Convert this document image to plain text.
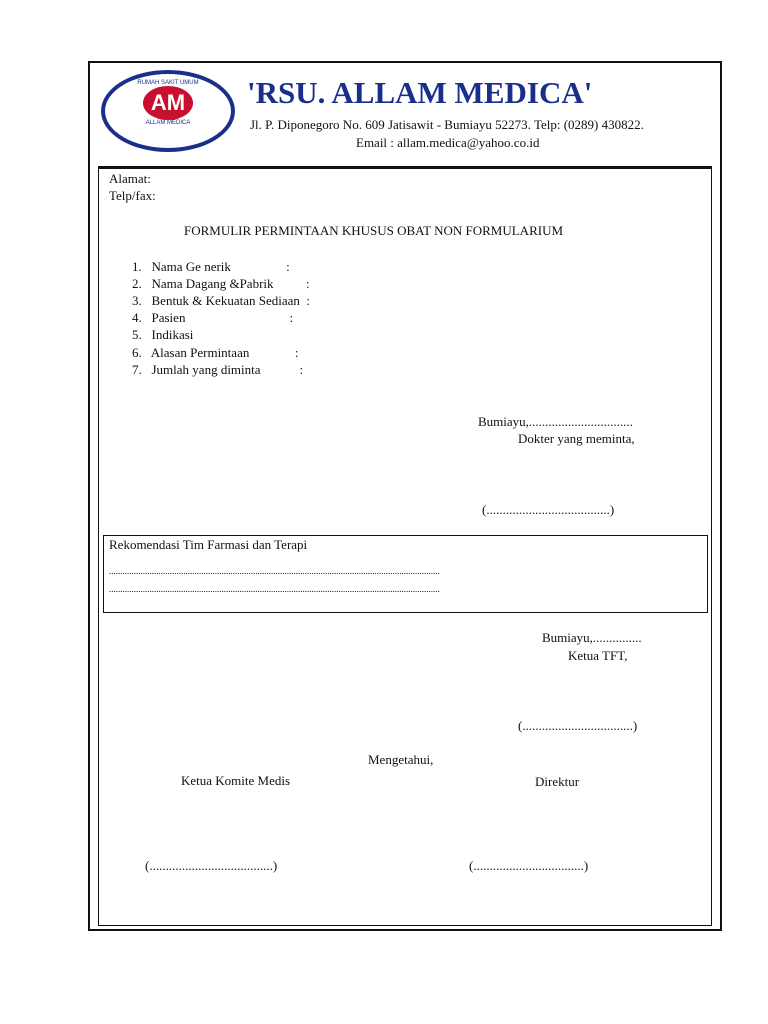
RUMAH SAKIT UMUM
AM
ALLAM MEDICA
'RSU. ALLAM MEDICA'
Jl. P. Diponegoro No. 609 Jatisawit - Bumiayu 52273. Telp: (0289) 430822.
Email : allam.medica@yahoo.co.id
Alamat:
Telp/fax:
FORMULIR PERMINTAAN KHUSUS OBAT NON FORMULARIUM
1.   Nama Ge nerik                 :
2.   Nama Dagang &Pabrik          :
3.   Bentuk & Kekuatan Sediaan  :
4.   Pasien                                :
5.   Indikasi
6.   Alasan Permintaan              :
7.   Jumlah yang diminta            :
Bumiayu,................................
Dokter yang meminta,
(......................................)
Rekomendasi Tim Farmasi dan Terapi
...................................................................................................................................................
...................................................................................................................................................
Bumiayu,...............
Ketua TFT,
(..................................)
Mengetahui,
Ketua Komite Medis	Direktur
(......................................)	(..................................)
